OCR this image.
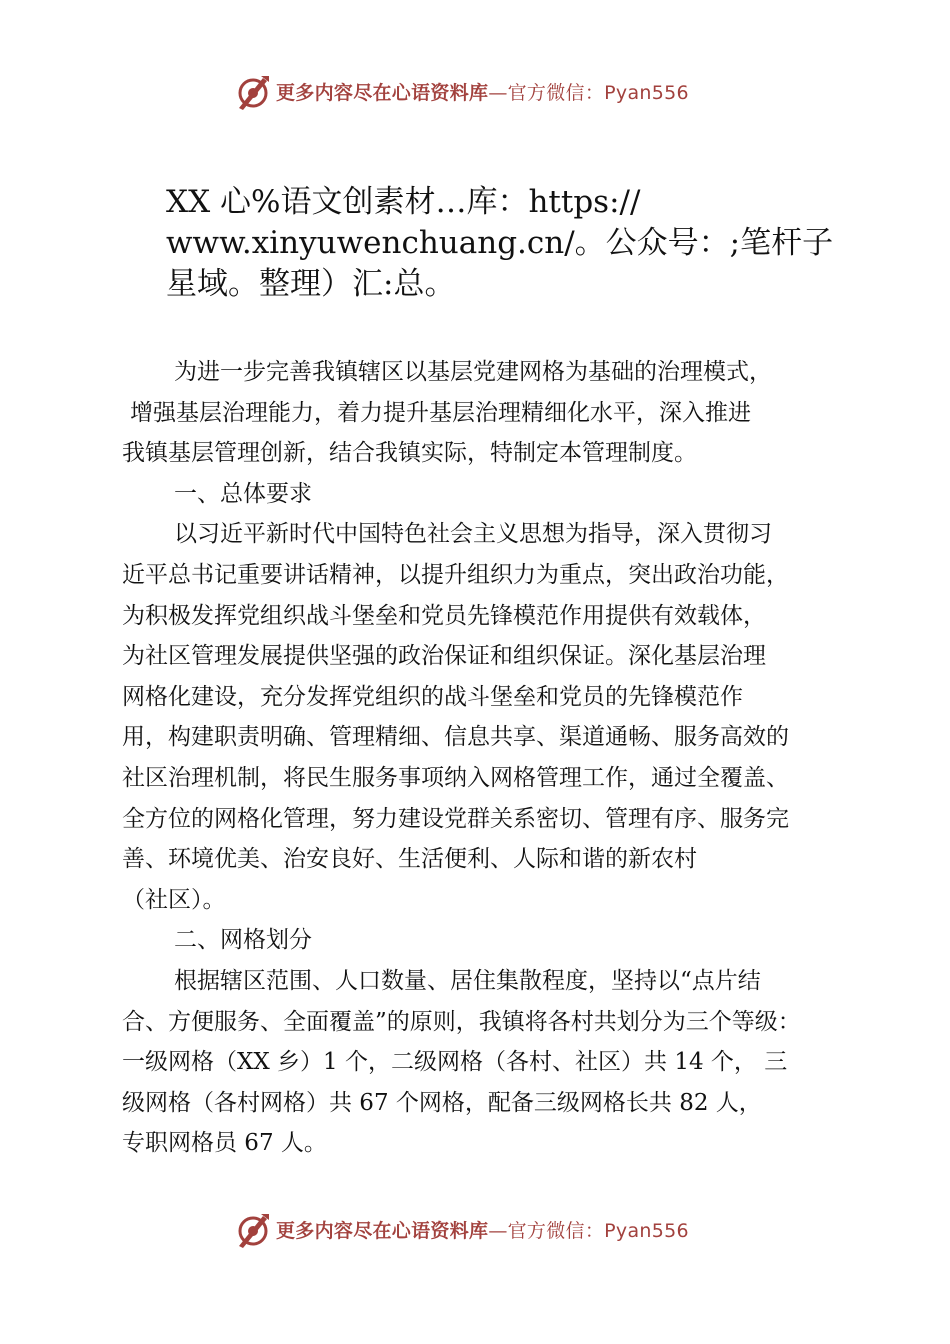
更多内容尽在心语资料库—官方微信：Pyan556
XX 心%语文创素材…库：https:// www.xinyuwenchuang.cn/。公众号：;笔杆子星域。整理）汇:总。
为进一步完善我镇辖区以基层党建网格为基础的治理模式，
增强基层治理能力，着力提升基层治理精细化水平，深入推进
我镇基层管理创新，结合我镇实际，特制定本管理制度。
一、总体要求
以习近平新时代中国特色社会主义思想为指导，深入贯彻习
近平总书记重要讲话精神，以提升组织力为重点，突出政治功能，
为积极发挥党组织战斗堡垒和党员先锋模范作用提供有效载体，
为社区管理发展提供坚强的政治保证和组织保证。深化基层治理
网格化建设，充分发挥党组织的战斗堡垒和党员的先锋模范作
用，构建职责明确、管理精细、信息共享、渠道通畅、服务高效的
社区治理机制，将民生服务事项纳入网格管理工作，通过全覆盖、
全方位的网格化管理，努力建设党群关系密切、管理有序、服务完
善、环境优美、治安良好、生活便利、人际和谐的新农村
（社区）。
二、网格划分
根据辖区范围、人口数量、居住集散程度，坚持以“点片结
合、方便服务、全面覆盖”的原则，我镇将各村共划分为三个等级：
一级网格（XX 乡）1 个，二级网格（各村、社区）共 14 个， 三
级网格（各村网格）共 67 个网格，配备三级网格长共 82 人，
专职网格员 67 人。
更多内容尽在心语资料库—官方微信：Pyan556
